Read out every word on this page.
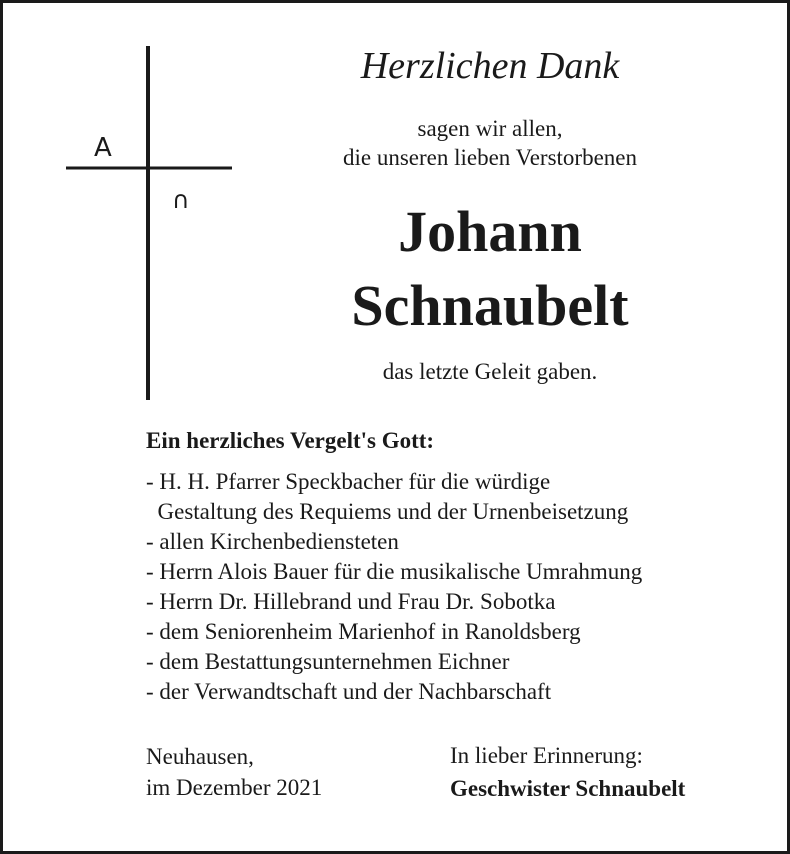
A
∩
Herzlichen Dank
sagen wir allen,
die unseren lieben Verstorbenen
Johann
Schnaubelt
das letzte Geleit gaben.
Ein herzliches Vergelt's Gott:
- H. H. Pfarrer Speckbacher für die würdige
Gestaltung des Requiems und der Urnenbeisetzung
- allen Kirchenbediensteten
- Herrn Alois Bauer für die musikalische Umrahmung
- Herrn Dr. Hillebrand und Frau Dr. Sobotka
- dem Seniorenheim Marienhof in Ranoldsberg
- dem Bestattungsunternehmen Eichner
- der Verwandtschaft und der Nachbarschaft
Neuhausen,
im Dezember 2021
In lieber Erinnerung:
Geschwister Schnaubelt
